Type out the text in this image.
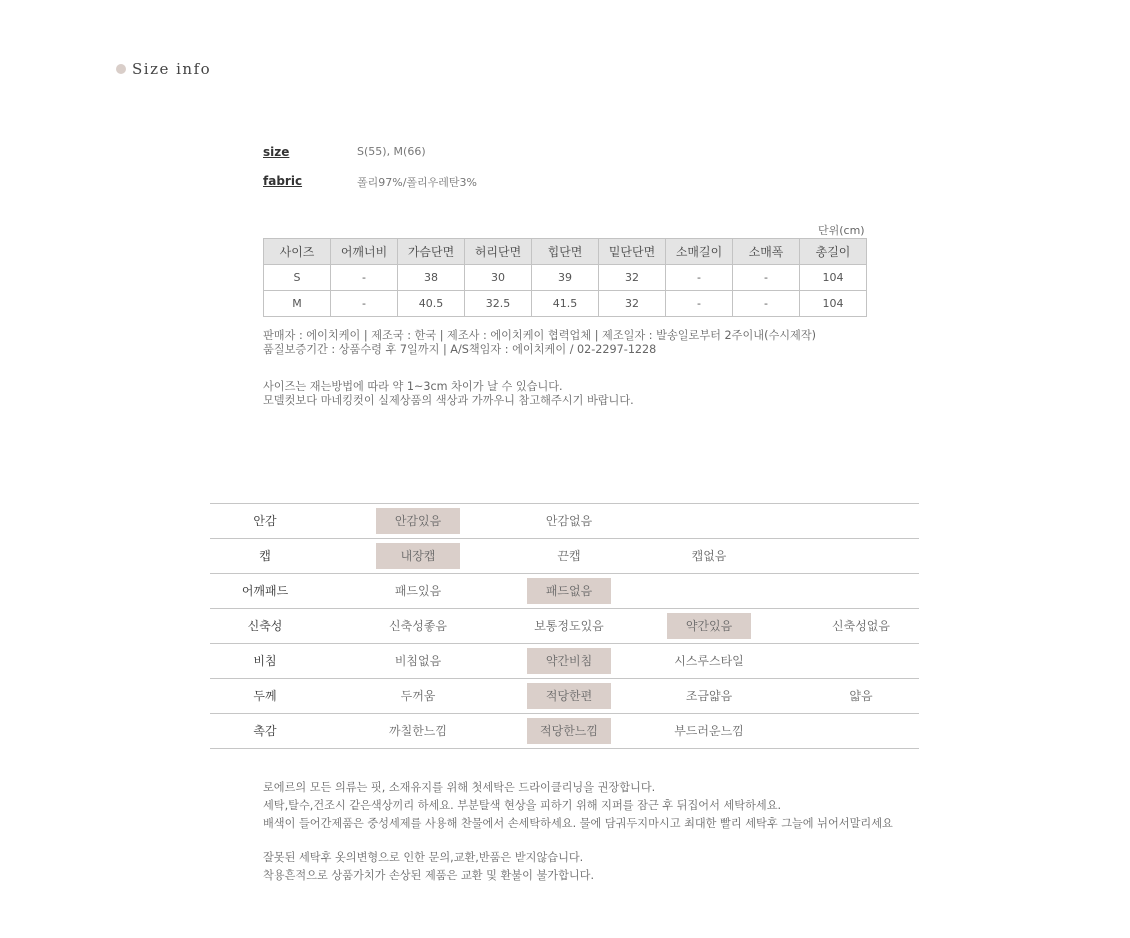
Size info
size	S(55), M(66)
fabric	폴리97%/폴리우레탄3%
단위(cm)
사이즈	어깨너비	가슴단면	허리단면	힙단면	밑단단면	소매길이	소매폭	총길이
S	-	38	30	39	32	-	-	104
M	-	40.5	32.5	41.5	32	-	-	104
판매자 : 에이치케이 | 제조국 : 한국 | 제조사 : 에이치케이 협력업체 | 제조일자 : 발송일로부터 2주이내(수시제작)
품질보증기간 : 상품수령 후 7일까지 | A/S책임자 : 에이치케이 / 02-2297-1228
사이즈는 재는방법에 따라 약 1~3cm 차이가 날 수 있습니다.
모델컷보다 마네킹컷이 실제상품의 색상과 가까우니 참고해주시기 바랍니다.
안감	안감있음	안감없음
캡	내장캡	끈캡	캡없음
어깨패드	패드있음	패드없음
신축성	신축성좋음	보통정도있음	약간있음	신축성없음
비침	비침없음	약간비침	시스루스타일
두께	두꺼움	적당한편	조금얇음	얇음
촉감	까칠한느낌	적당한느낌	부드러운느낌
로에르의 모든 의류는 핏, 소재유지를 위해 첫세탁은 드라이클리닝을 권장합니다.
세탁,탈수,건조시 같은색상끼리 하세요. 부분탈색 현상을 피하기 위해 지퍼를 잠근 후 뒤집어서 세탁하세요.
배색이 들어간제품은 중성세제를 사용해 찬물에서 손세탁하세요. 물에 담궈두지마시고 최대한 빨리 세탁후 그늘에 뉘어서말리세요
잘못된 세탁후 옷의변형으로 인한 문의,교환,반품은 받지않습니다.
착용흔적으로 상품가치가 손상된 제품은 교환 및 환불이 불가합니다.
